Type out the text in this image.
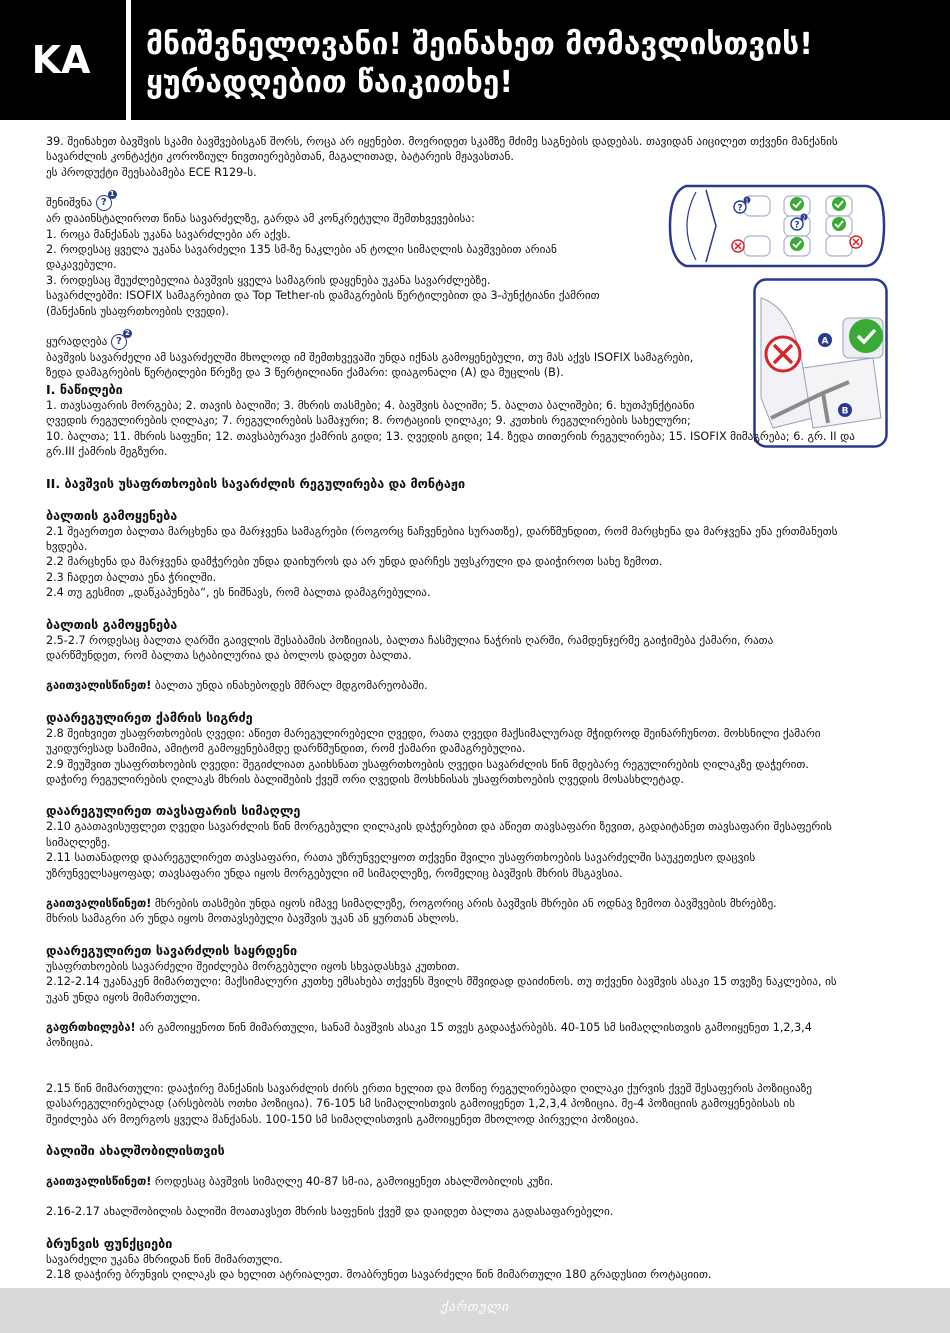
KA	მნიშვნელოვანი! შეინახეთ მომავლისთვის!
ყურადღებით წაიკითხე!
?
1
?
2
A
B

39. შეინახეთ ბავშვის სკამი ბავშვებისგან შორს, როცა არ იყენებთ. მოერიდეთ სკამზე მძიმე საგნების დადებას. თავიდან აიცილეთ თქვენი მანქანის

სავარძლის კონტაქტი კოროზიულ ნივთიერებებთან, მაგალითად, ბატარეის მჟავასთან.

ეს პროდუქტი შეესაბამება ECE R129-ს.

შენიშვნა ?
1

არ დააინსტალიროთ წინა სავარძელზე, გარდა ამ კონკრეტული შემთხვევებისა:

1. როცა მანქანას უკანა სავარძლები არ აქვს.

2. როდესაც ყველა უკანა სავარძელი 135 სმ-ზე ნაკლები ან ტოლი სიმაღლის ბავშვებით არიან

დაკავებული.

3. როდესაც შეუძლებელია ბავშვის ყველა სამაგრის დაყენება უკანა სავარძლებზე.

სავარძლებში: ISOFIX სამაგრებით და Top Tether-ის დამაგრების წერტილებით და 3-პუნქტიანი ქამრით

(მანქანის უსაფრთხოების ღვედი).

ყურადღება ?
2

ბავშვის სავარძელი ამ სავარძელში მხოლოდ იმ შემთხვევაში უნდა იქნას გამოყენებული, თუ მას აქვს ISOFIX სამაგრები,

ზედა დამაგრების წერტილები წრეზე და 3 წერტილიანი ქამარი: დიაგონალი (A) და მუცლის (B).

I. ნაწილები

1. თავსაფარის მორგება; 2. თავის ბალიში; 3. მხრის თასმები; 4. ბავშვის ბალიში; 5. ბალთა ბალიშები; 6. ხუთპუნქტიანი

ღვედის რეგულირების ღილაკი; 7. რეგულირების სამაჯური; 8. როტაციის ღილაკი; 9. კუთხის რეგულირების სახელური;

10. ბალთა; 11. მხრის საფენი; 12. თავსაბურავი ქამრის გიდი; 13. ღვედის გიდი; 14. ზედა თითერის რეგულირება; 15. ISOFIX მიმაგრება; 6. გრ. II და

გრ.III ქამრის მეგზური.

II. ბავშვის უსაფრთხოების სავარძლის რეგულირება და მონტაჟი

ბალთის გამოყენება

2.1 შეაერთეთ ბალთა მარცხენა და მარჯვენა სამაგრები (როგორც ნაჩვენებია სურათზე), დარწმუნდით, რომ მარცხენა და მარჯვენა ენა ერთმანეთს

ხვდება.

2.2 მარცხენა და მარჯვენა დამჭერები უნდა დაიხუროს და არ უნდა დარჩეს უფსკრული და დაიჭიროთ სახე ზემოთ.

2.3 ჩადეთ ბალთა ენა ჭრილში.

2.4 თუ გესმით „დაწკაპუნება“, ეს ნიშნავს, რომ ბალთა დამაგრებულია.

ბალთის გამოყენება

2.5-2.7 როდესაც ბალთა ღარში გაივლის შესაბამის პოზიციას, ბალთა ჩასმულია ნაჭრის ღარში, რამდენჯერმე გაიჭიმება ქამარი, რათა

დარწმუნდეთ, რომ ბალთა სტაბილურია და ბოლოს დადეთ ბალთა.

გაითვალისწინეთ! ბალთა უნდა ინახებოდეს მშრალ მდგომარეობაში.

დაარეგულირეთ ქამრის სიგრძე

2.8 შეიხვიეთ უსაფრთხოების ღვედი: აწიეთ მარეგულირებელი ღვედი, რათა ღვედი მაქსიმალურად მჭიდროდ შეინარჩუნოთ. მოხსნილი ქამარი

უკიდურესად სამიმია, ამიტომ გამოყენებამდე დარწმუნდით, რომ ქამარი დამაგრებულია.

2.9 შეუშვით უსაფრთხოების ღვედი: შეგიძლიათ გაიხსნათ უსაფრთხოების ღვედი სავარძლის წინ მდებარე რეგულირების ღილაკზე დაჭერით.

დაჭირე რეგულირების ღილაკს მხრის ბალიშების ქვეშ ორი ღვედის მოსხნისას უსაფრთხოების ღვედის მოსასხლეტად.

დაარეგულირეთ თავსაფარის სიმაღლე

2.10 გაათავისუფლეთ ღვედი სავარძლის წინ მორგებული ღილაკის დაჭერებით და აწიეთ თავსაფარი ზევით, გადაიტანეთ თავსაფარი შესაფერის

სიმაღლეზე.

2.11 სათანადოდ დაარეგულირეთ თავსაფარი, რათა უზრუნველყოთ თქვენი შვილი უსაფრთხოების სავარძელში საუკეთესო დაცვის

უზრუნველსაყოფად; თავსაფარი უნდა იყოს მორგებული იმ სიმაღლეზე, რომელიც ბავშვის მხრის მსგავსია.

გაითვალისწინეთ! მხრების თასმები უნდა იყოს იმავე სიმაღლეზე, როგორიც არის ბავშვის მხრები ან ოდნავ ზემოთ ბავშვების მხრებზე.

მხრის სამაგრი არ უნდა იყოს მოთავსებული ბავშვის უკან ან ყურთან ახლოს.

დაარეგულირეთ სავარძლის საყრდენი

უსაფრთხოების სავარძელი შეიძლება მორგებული იყოს სხვადასხვა კუთხით.

2.12-2.14 უკანაკენ მიმართული: მაქსიმალური კუთხე ემსახება თქვენს შვილს მშვიდად დაიძინოს. თუ თქვენი ბავშვის ასაკი 15 თვეზე ნაკლებია, ის

უკან უნდა იყოს მიმართული.

გაფრთხილება! არ გამოიყენოთ წინ მიმართული, სანამ ბავშვის ასაკი 15 თვეს გადააჭარბებს. 40-105 სმ სიმაღლისთვის გამოიყენეთ 1,2,3,4

პოზიცია.

2.15 წინ მიმართული: დააჭირე მანქანის სავარძლის ძირს ერთი ხელით და მოწიე რეგულირებადი ღილაკი ქურვის ქვეშ შესაფერის პოზიციაზე

დასარეგულირებლად (არსებობს ოთხი პოზიცია). 76-105 სმ სიმაღლისთვის გამოიყენეთ 1,2,3,4 პოზიცია. მე-4 პოზიციის გამოყენებისას ის

შეიძლება არ მოერგოს ყველა მანქანას. 100-150 სმ სიმაღლისთვის გამოიყენეთ მხოლოდ პირველი პოზიცია.

ბალიში ახალშობილისთვის

გაითვალისწინეთ! როდესაც ბავშვის სიმაღლე 40-87 სმ-ია, გამოიყენეთ ახალშობილის კუზი.

2.16-2.17 ახალშობილის ბალიში მოათავსეთ მხრის საფენის ქვეშ და დაიდეთ ბალთა გადასაფარებელი.

ბრუნვის ფუნქციები

სავარძელი უკანა მხრიდან წინ მიმართული.

2.18 დააჭირე ბრუნვის ღილაკს და ხელით ატრიალეთ. მოაბრუნეთ სავარძელი წინ მიმართული 180 გრადუსით როტაციით.

ქართული
